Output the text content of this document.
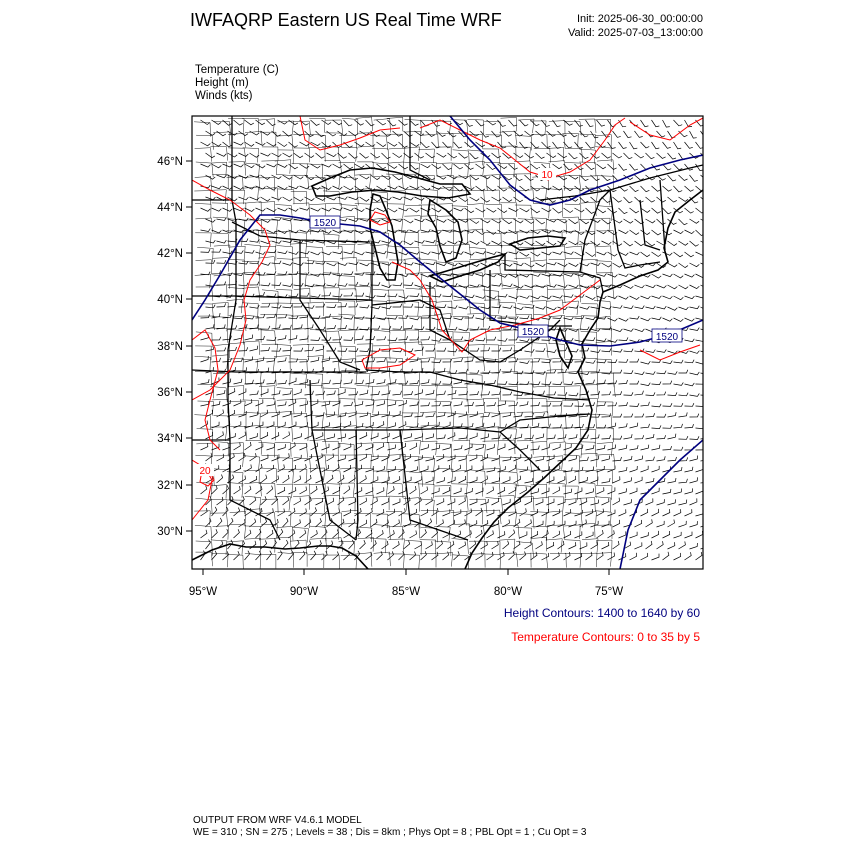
IWFAQRP Eastern US Real Time WRF	Init: 2025-06-30_00:00:00
Valid: 2025-07-03_13:00:00
Temperature (C)
Height (m)
Winds (kts)
1520
1520	1520
10
20
46°N
44°N
42°N
40°N
38°N
36°N
34°N
32°N
30°N
95°W	90°W	85°W	80°W	75°W
Height Contours: 1400 to 1640 by 60
Temperature Contours: 0 to 35 by 5
OUTPUT FROM WRF V4.6.1 MODEL
WE = 310 ; SN = 275 ; Levels = 38 ; Dis = 8km ; Phys Opt = 8 ; PBL Opt = 1 ; Cu Opt = 3
